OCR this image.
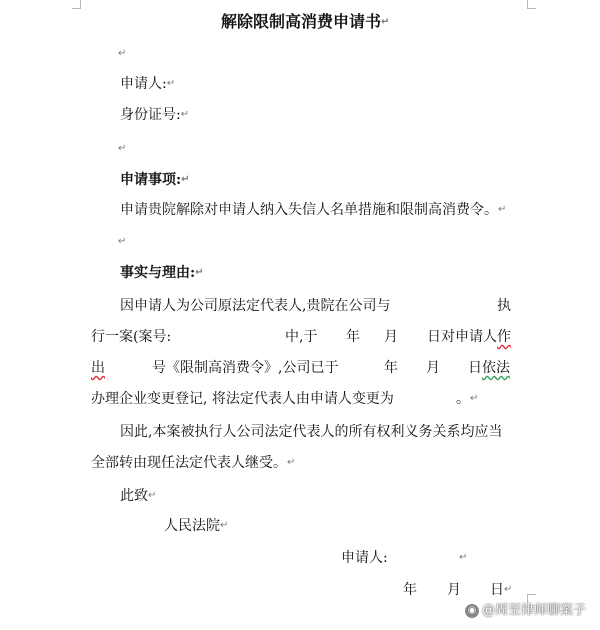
解除限制高消费申请书↵
↵
申请人:↵
身份证号:↵
↵
申请事项:↵
申请贵院解除对申请人纳入失信人名单措施和限制高消费令。↵
↵
事实与理由:↵
因申请人为公司原法定代表人,贵院在公司与	执
行一案(案号:	中,于 年 月 日对申请人作
出	号《限制高消费令》,公司已于	年 月 日依法
办理企业变更登记, 将法定代表人由申请人变更为	。↵
因此,本案被执行人公司法定代表人的所有权利义务关系均应当
全部转由现任法定代表人继受。↵
此致↵
人民法院↵
申请人:	↵
年 月 日↵
◉ @周至律师聊案子
